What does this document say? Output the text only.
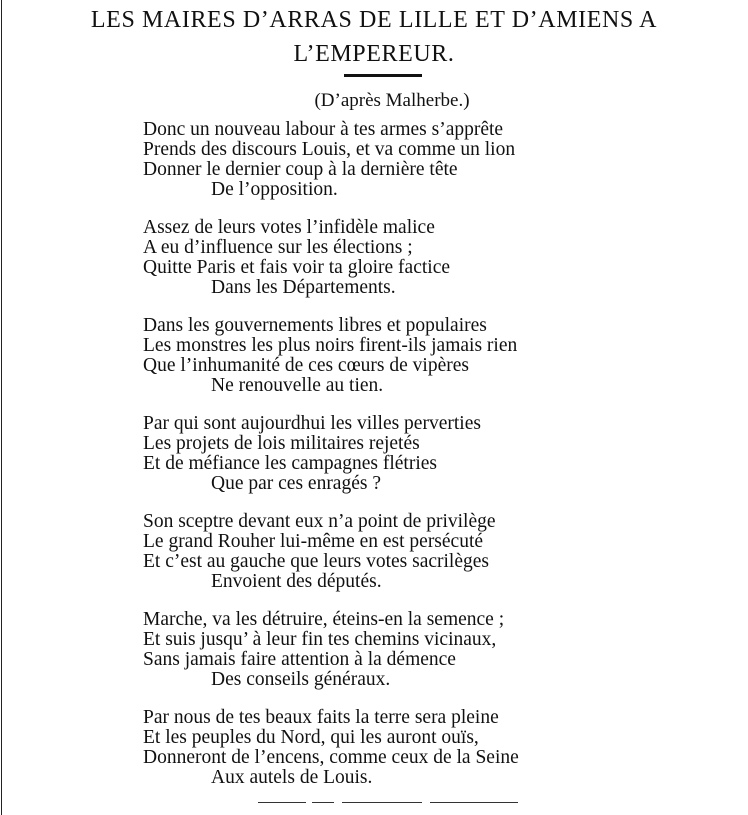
LES MAIRES D’ARRAS DE LILLE ET D’AMIENS A
L’EMPEREUR.
(D’après Malherbe.)
Donc un nouveau labour à tes armes s’apprête
Prends des discours Louis, et va comme un lion
Donner le dernier coup à la dernière tête
De l’opposition.
Assez de leurs votes l’infidèle malice
A eu d’influence sur les élections ;
Quitte Paris et fais voir ta gloire factice
Dans les Départements.
Dans les gouvernements libres et populaires
Les monstres les plus noirs firent-ils jamais rien
Que l’inhumanité de ces cœurs de vipères
Ne renouvelle au tien.
Par qui sont aujourdhui les villes perverties
Les projets de lois militaires rejetés
Et de méfiance les campagnes flétries
Que par ces enragés ?
Son sceptre devant eux n’a point de privilège
Le grand Rouher lui-même en est persécuté
Et c’est au gauche que leurs votes sacrilèges
Envoient des députés.
Marche, va les détruire, éteins-en la semence ;
Et suis jusqu’ à leur fin tes chemins vicinaux,
Sans jamais faire attention à la démence
Des conseils généraux.
Par nous de tes beaux faits la terre sera pleine
Et les peuples du Nord, qui les auront ouïs,
Donneront de l’encens, comme ceux de la Seine
Aux autels de Louis.
